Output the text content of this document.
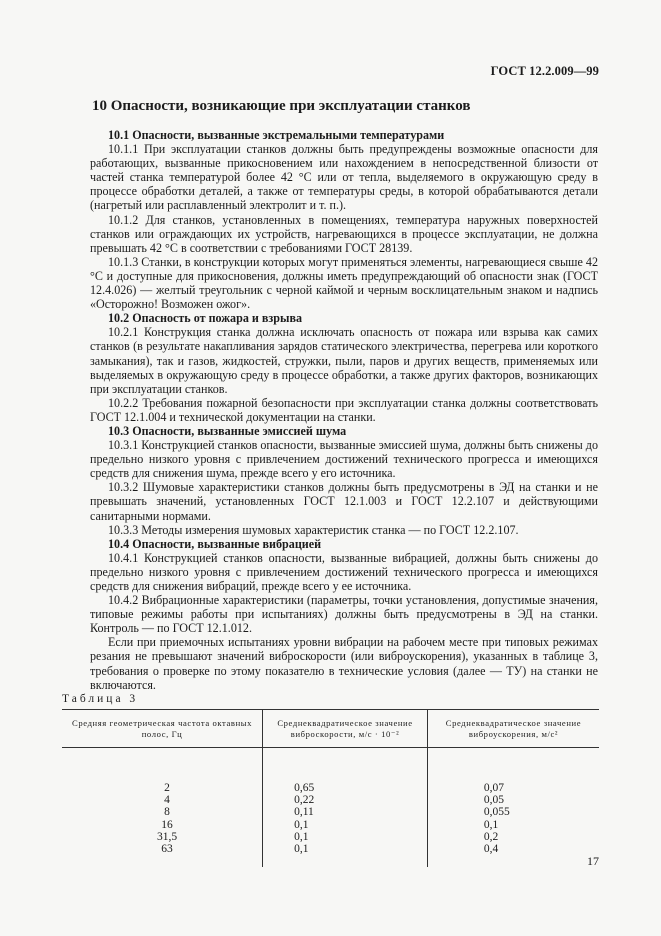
ГОСТ 12.2.009—99
10 Опасности, возникающие при эксплуатации станков

10.1 Опасности, вызванные экстремальными температурами

10.1.1 При эксплуатации станков должны быть предупреждены возможные опасности для работающих, вызванные прикосновением или нахождением в непосредственной близости от частей станка температурой более 42 °С или от тепла, выделяемого в окружающую среду в процессе обработки деталей, а также от температуры среды, в которой обрабатываются детали (нагретый или расплавленный электролит и т. п.).

10.1.2 Для станков, установленных в помещениях, температура наружных поверхностей станков или ограждающих их устройств, нагревающихся в процессе эксплуатации, не должна превышать 42 °С в соответствии с требованиями ГОСТ 28139.

10.1.3 Станки, в конструкции которых могут применяться элементы, нагревающиеся свыше 42 °С и доступные для прикосновения, должны иметь предупреждающий об опасности знак (ГОСТ 12.4.026) — желтый треугольник с черной каймой и черным восклицательным знаком и надпись «Осторожно! Возможен ожог».

10.2 Опасность от пожара и взрыва

10.2.1 Конструкция станка должна исключать опасность от пожара или взрыва как самих станков (в результате накапливания зарядов статического электричества, перегрева или короткого замыкания), так и газов, жидкостей, стружки, пыли, паров и других веществ, применяемых или выделяемых в окружающую среду в процессе обработки, а также других факторов, возникающих при эксплуатации станков.

10.2.2 Требования пожарной безопасности при эксплуатации станка должны соответствовать ГОСТ 12.1.004 и технической документации на станки.

10.3 Опасности, вызванные эмиссией шума

10.3.1 Конструкцией станков опасности, вызванные эмиссией шума, должны быть снижены до предельно низкого уровня с привлечением достижений технического прогресса и имеющихся средств для снижения шума, прежде всего у его источника.

10.3.2 Шумовые характеристики станков должны быть предусмотрены в ЭД на станки и не превышать значений, установленных ГОСТ 12.1.003 и ГОСТ 12.2.107 и действующими санитарными нормами.

10.3.3 Методы измерения шумовых характеристик станка — по ГОСТ 12.2.107.

10.4 Опасности, вызванные вибрацией

10.4.1 Конструкцией станков опасности, вызванные вибрацией, должны быть снижены до предельно низкого уровня с привлечением достижений технического прогресса и имеющихся средств для снижения вибраций, прежде всего у ее источника.

10.4.2 Вибрационные характеристики (параметры, точки установления, допустимые значения, типовые режимы работы при испытаниях) должны быть предусмотрены в ЭД на станки. Контроль — по ГОСТ 12.1.012.

Если при приемочных испытаниях уровни вибрации на рабочем месте при типовых режимах резания не превышают значений виброскорости (или виброускорения), указанных в таблице 3, требования о проверке по этому показателю в технические условия (далее — ТУ) на станки не включаются.

Таблица 3
Средняя геометрическая частота октавных полос, Гц	Среднеквадратическое значение виброскорости, м/с · 10⁻²	Среднеквадратическое значение виброускорения, м/с²

2	0,65	0,07
4	0,22	0,05
8	0,11	0,055
16	0,1	0,1
31,5	0,1	0,2
63	0,1	0,4

17
